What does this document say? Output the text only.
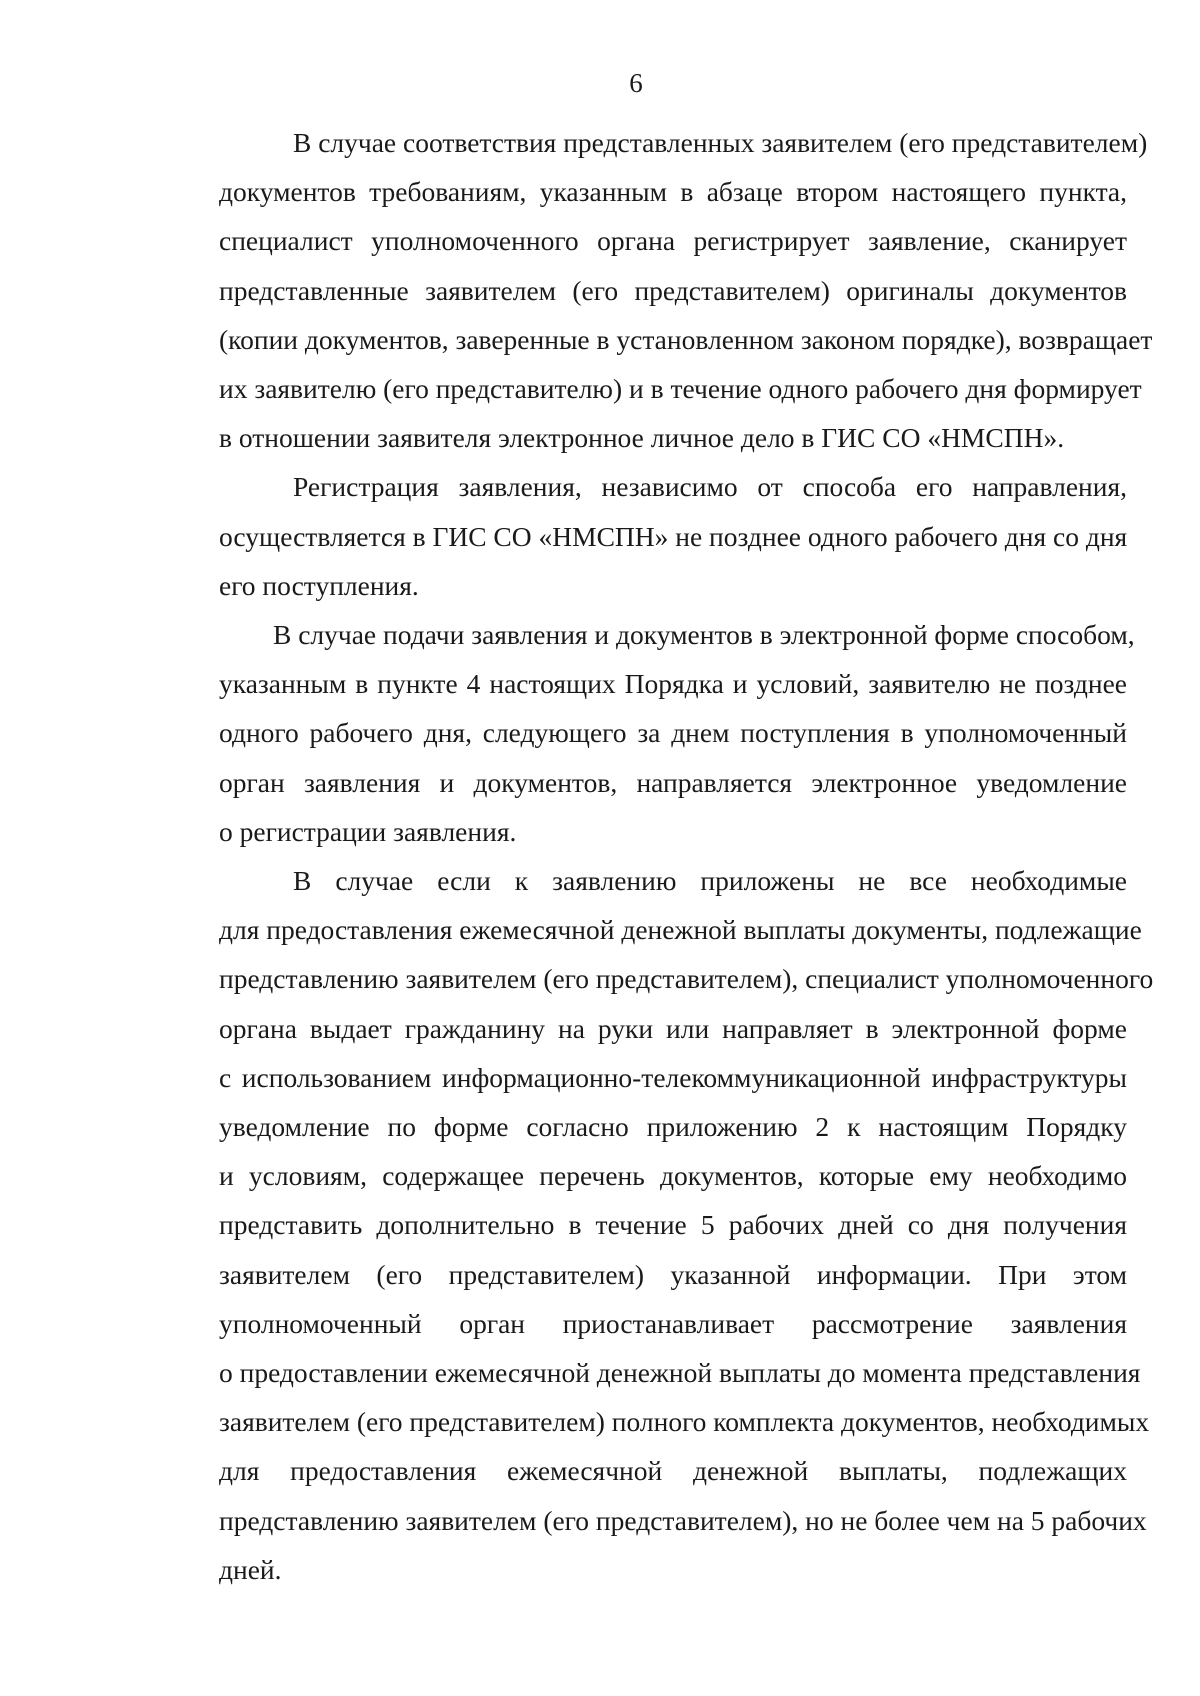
6
В случае соответствия представленных заявителем (его представителем)
документов требованиям, указанным в абзаце втором настоящего пункта,
специалист уполномоченного органа регистрирует заявление, сканирует
представленные заявителем (его представителем) оригиналы документов
(копии документов, заверенные в установленном законом порядке), возвращает
их заявителю (его представителю) и в течение одного рабочего дня формирует
в отношении заявителя электронное личное дело в ГИС СО «НМСПН».
Регистрация заявления, независимо от способа его направления,
осуществляется в ГИС СО «НМСПН» не позднее одного рабочего дня со дня
его поступления.
В случае подачи заявления и документов в электронной форме способом,
указанным в пункте 4 настоящих Порядка и условий, заявителю не позднее
одного рабочего дня, следующего за днем поступления в уполномоченный
орган заявления и документов, направляется электронное уведомление
о регистрации заявления.
В случае если к заявлению приложены не все необходимые
для предоставления ежемесячной денежной выплаты документы, подлежащие
представлению заявителем (его представителем), специалист уполномоченного
органа выдает гражданину на руки или направляет в электронной форме
с использованием информационно-телекоммуникационной инфраструктуры
уведомление по форме согласно приложению 2 к настоящим Порядку
и условиям, содержащее перечень документов, которые ему необходимо
представить дополнительно в течение 5 рабочих дней со дня получения
заявителем (его представителем) указанной информации. При этом
уполномоченный орган приостанавливает рассмотрение заявления
о предоставлении ежемесячной денежной выплаты до момента представления
заявителем (его представителем) полного комплекта документов, необходимых
для предоставления ежемесячной денежной выплаты, подлежащих
представлению заявителем (его представителем), но не более чем на 5 рабочих
дней.
